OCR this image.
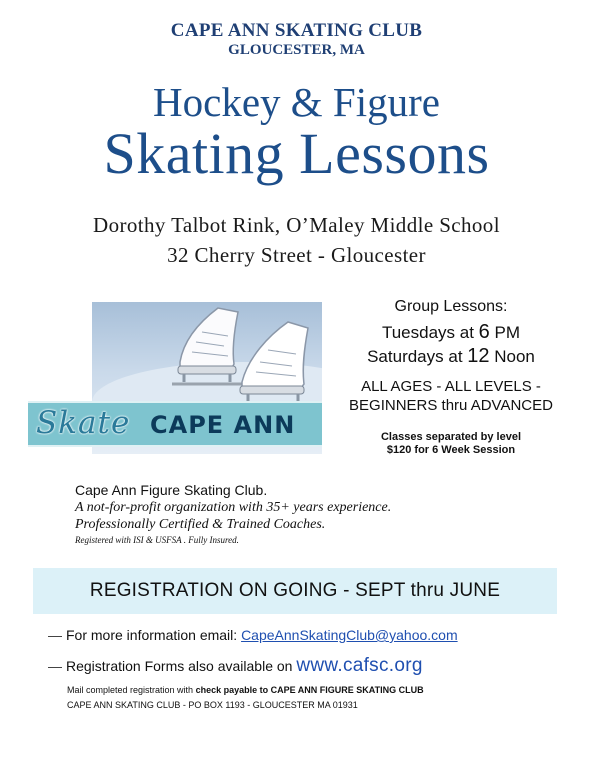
CAPE ANN SKATING CLUB
GLOUCESTER, MA
Hockey & Figure
Skating Lessons
Dorothy Talbot Rink, O’Maley Middle School
32 Cherry Street - Gloucester
Skate CAPE ANN
Group Lessons:
Tuesdays at 6 PM
Saturdays at 12 Noon
ALL AGES - ALL LEVELS -
BEGINNERS thru ADVANCED
Classes separated by level
$120 for 6 Week Session
Cape Ann Figure Skating Club.
A not-for-profit organization with 35+ years experience.
Professionally Certified & Trained Coaches.
Registered with ISI & USFSA . Fully Insured.
REGISTRATION ON GOING - SEPT thru JUNE
For more information email: CapeAnnSkatingClub@yahoo.com
Registration Forms also available on www.cafsc.org
Mail completed registration with check payable to CAPE ANN FIGURE SKATING CLUB
CAPE ANN SKATING CLUB - PO BOX 1193 - GLOUCESTER MA 01931
